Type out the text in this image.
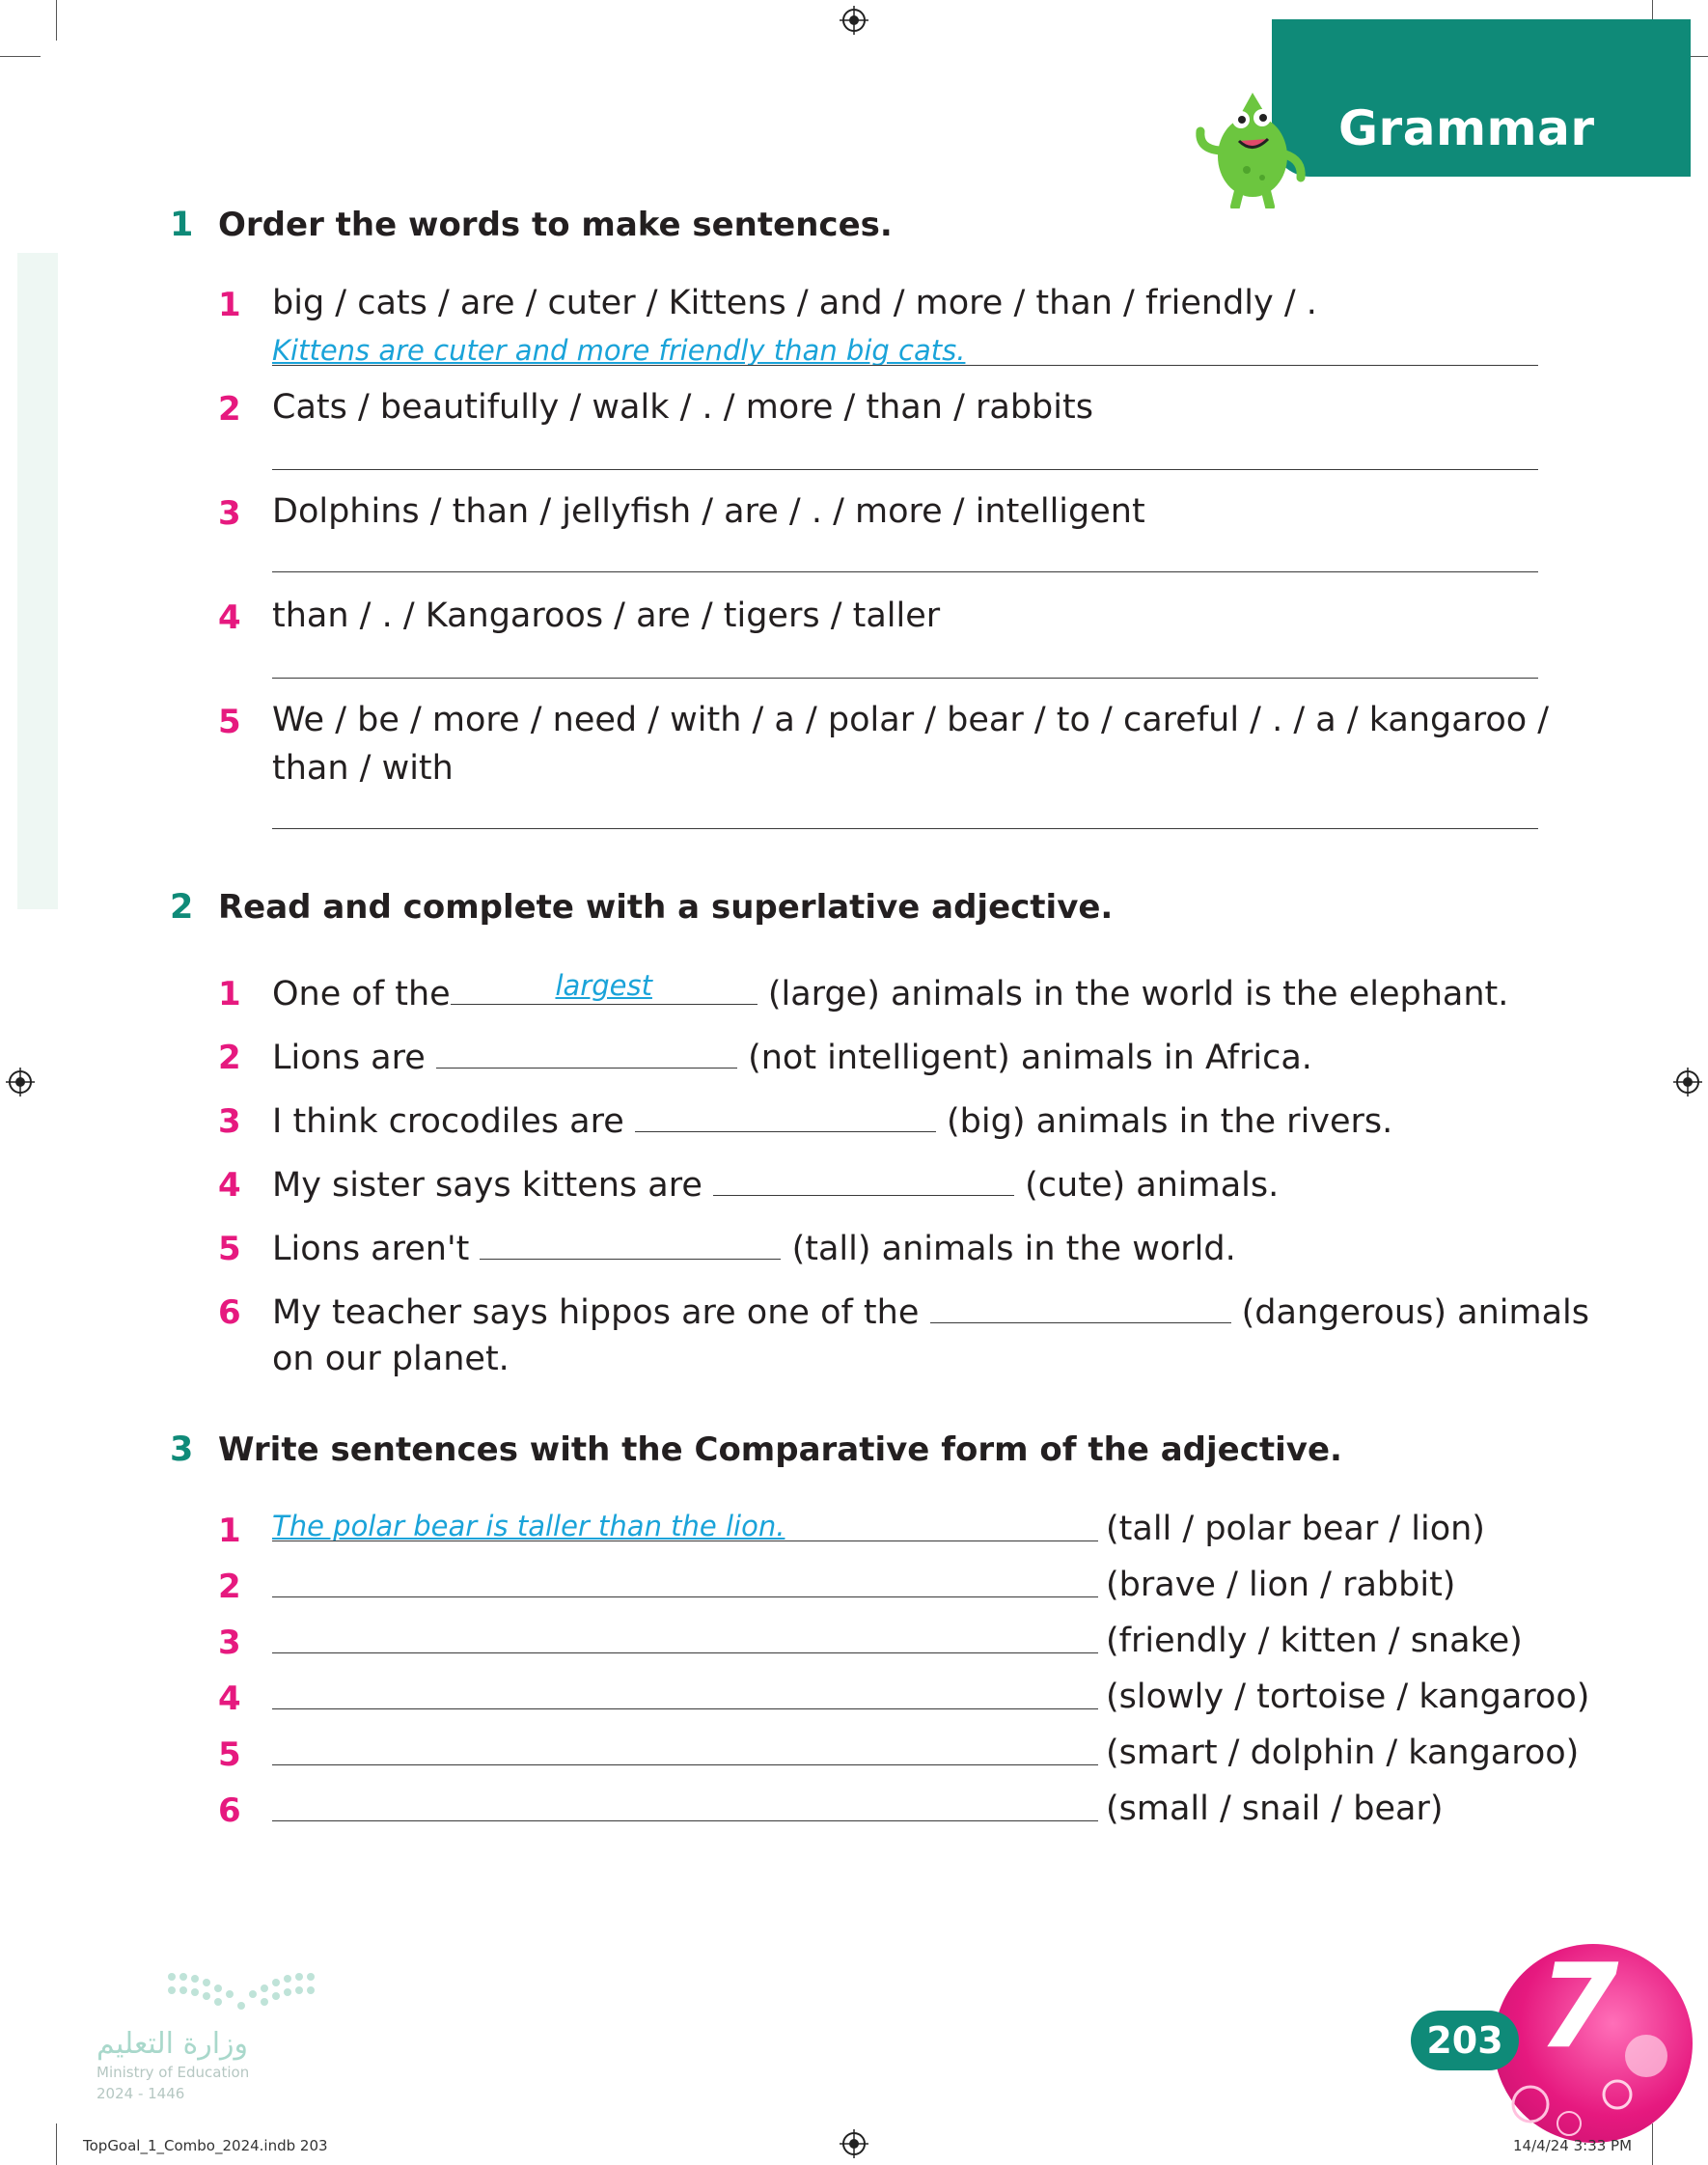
Grammar
1 Order the words to make sentences.
1 big / cats / are / cuter / Kittens / and / more / than / friendly / .
Kittens are cuter and more friendly than big cats.
2 Cats / beautifully / walk / . / more / than / rabbits
3 Dolphins / than / jellyfish / are / . / more / intelligent
4 than / . / Kangaroos / are / tigers / taller
5 We / be / more / need / with / a / polar / bear / to / careful / . / a / kangaroo /
than / with
2 Read and complete with a superlative adjective.
1 One of the	largest	(large) animals in the world is the elephant.
2 Lions are	(not intelligent) animals in Africa.
3 I think crocodiles are	(big) animals in the rivers.
4 My sister says kittens are	(cute) animals.
5 Lions aren't	(tall) animals in the world.
6 My teacher says hippos are one of the	(dangerous) animals
on our planet.
3 Write sentences with the Comparative form of the adjective.
1 The polar bear is taller than the lion.	(tall / polar bear / lion)
2	(brave / lion / rabbit)
3	(friendly / kitten / snake)
4	(slowly / tortoise / kangaroo)
5	(smart / dolphin / kangaroo)
6	(small / snail / bear)
وزارة التعليم
Ministry of Education
2024 - 1446
7
203
TopGoal_1_Combo_2024.indb 203	14/4/24 3:33 PM
